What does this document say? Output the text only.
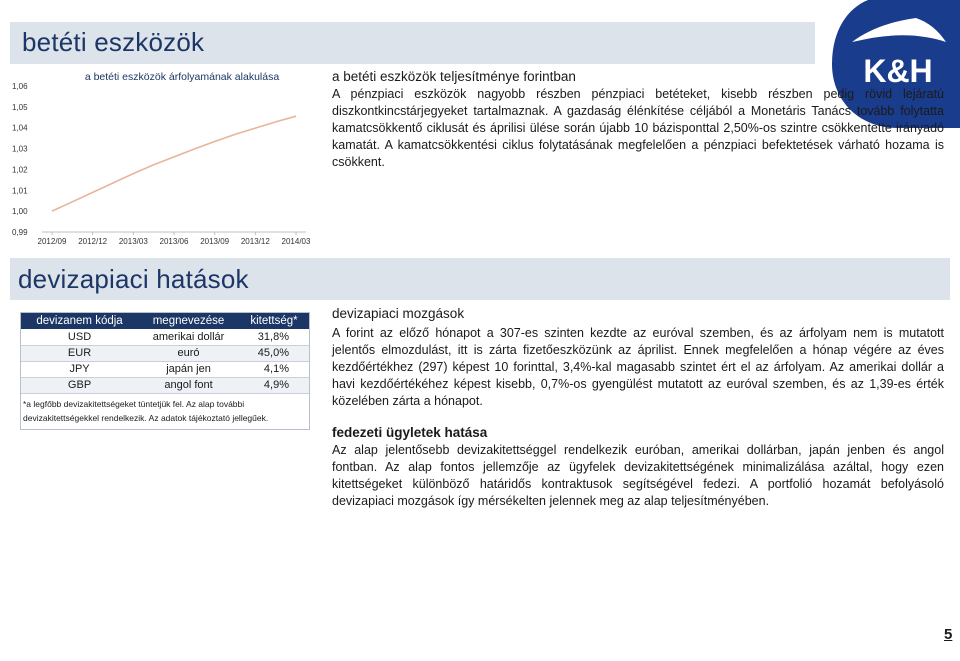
betéti eszközök
K&H
a betéti eszközök árfolyamának alakulása
1,06
1,05
1,04
1,03
1,02
1,01
1,00
0,99
2012/09 2012/12 2013/03 2013/06 2013/09 2013/12 2014/03
a betéti eszközök teljesítménye forintban
A pénzpiaci eszközök nagyobb részben pénzpiaci betéteket, kisebb részben pedig rövid lejáratú diszkontkincstárjegyeket tartalmaznak. A gazdaság élénkítése céljából a Monetáris Tanács tovább folytatta kamatcsökkentő ciklusát és áprilisi ülése során újabb 10 bázisponttal 2,50%-os szintre csökkentette irányadó kamatát. A kamatcsökkentési ciklus folytatásának megfelelően a pénzpiaci befektetések várható hozama is csökkent.
devizapiaci hatások
devizanem kódja	megnevezése	kitettség*
USD	amerikai dollár	31,8%
EUR	euró	45,0%
JPY	japán jen	4,1%
GBP	angol font	4,9%
*a legfőbb devizakitettségeket tüntetjük fel. Az alap további devizakitettségekkel rendelkezik. Az adatok tájékoztató jellegűek.
devizapiaci mozgások
A forint az előző hónapot a 307-es szinten kezdte az euróval szemben, és az árfolyam nem is mutatott jelentős elmozdulást, itt is zárta fizetőeszközünk az áprilist. Ennek megfelelően a hónap végére az éves kezdőértékhez (297) képest 10 forinttal, 3,4%-kal magasabb szintet ért el az árfolyam. Az amerikai dollár a havi kezdőértékéhez képest kisebb, 0,7%-os gyengülést mutatott az euróval szemben, és az 1,39-es érték közelében zárta a hónapot.
fedezeti ügyletek hatása
Az alap jelentősebb devizakitettséggel rendelkezik euróban, amerikai dollárban, japán jenben és angol fontban. Az alap fontos jellemzője az ügyfelek devizakitettségének minimalizálása azáltal, hogy ezen kitettségeket különböző határidős kontraktusok segítségével fedezi. A portfolió hozamát befolyásoló devizapiaci mozgások így mérsékelten jelennek meg az alap teljesítményében.
5
